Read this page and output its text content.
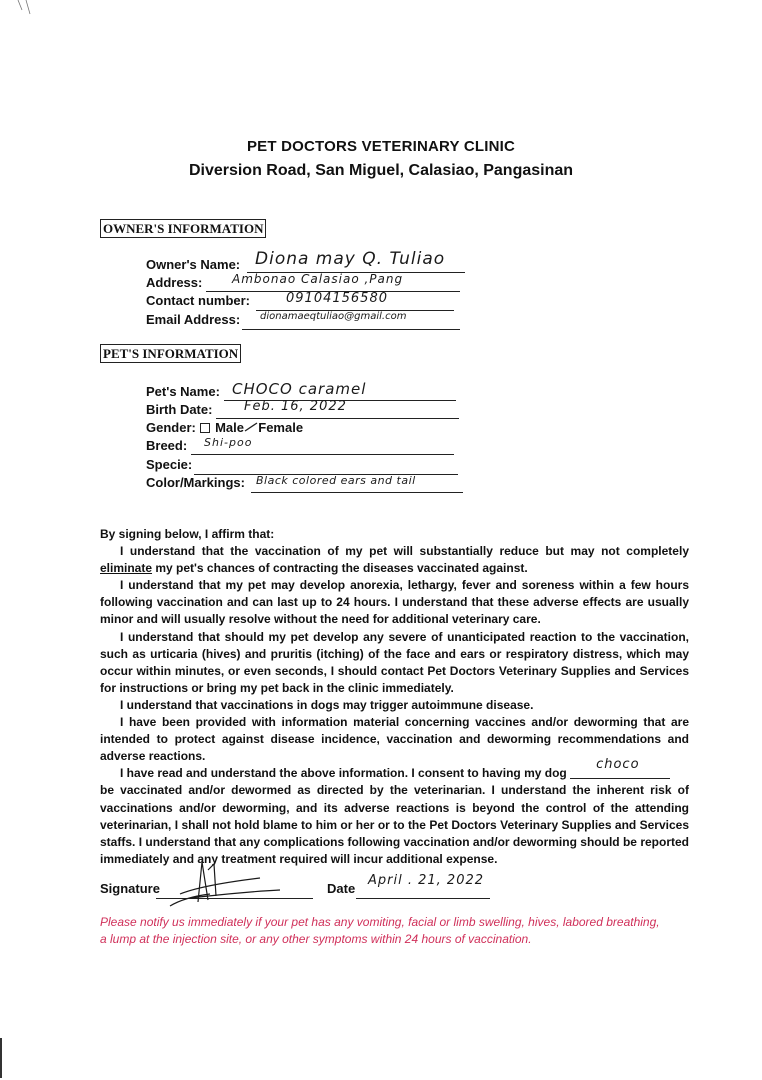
PET DOCTORS VETERINARY CLINIC
Diversion Road, San Miguel, Calasiao, Pangasinan
OWNER'S INFORMATION
Owner's Name: Diona may Q. Tuliao
Address: Ambonao Calasiao ,Pang
Contact number:	09104156580
Email Address: dionamaeqtuliao@gmail.com
PET'S INFORMATION
Pet's Name: CHOCO caramel
Birth Date: Feb. 16, 2022
Gender: Male Female
Breed: Shi-poo
Specie:
Color/Markings: Black colored ears and tail

By signing below, I affirm that:

I understand that the vaccination of my pet will substantially reduce but may not completely eliminate my pet's chances of contracting the diseases vaccinated against.

I understand that my pet may develop anorexia, lethargy, fever and soreness within a few hours following vaccination and can last up to 24 hours. I understand that these adverse effects are usually minor and will usually resolve without the need for additional veterinary care.

I understand that should my pet develop any severe of unanticipated reaction to the vaccination, such as urticaria (hives) and pruritis (itching) of the face and ears or respiratory distress, which may occur within minutes, or even seconds, I should contact Pet Doctors Veterinary Supplies and Services for instructions or bring my pet back in the clinic immediately.

I understand that vaccinations in dogs may trigger autoimmune disease.

I have been provided with information material concerning vaccines and/or deworming that are intended to protect against disease incidence, vaccination and deworming recommendations and adverse reactions.

I have read and understand the above information. I consent to having my dog
choco

be vaccinated and/or dewormed as directed by the veterinarian. I understand the inherent risk of vaccinations and/or deworming, and its adverse reactions is beyond the control of the attending veterinarian, I shall not hold blame to him or her or to the Pet Doctors Veterinary Supplies and Services staffs. I understand that any complications following vaccination and/or deworming should be reported immediately and any treatment required will incur additional expense.

Signature	Date
April . 21, 2022
Please notify us immediately if your pet has any vomiting, facial or limb swelling, hives, labored breathing, a lump at the injection site, or any other symptoms within 24 hours of vaccination.
